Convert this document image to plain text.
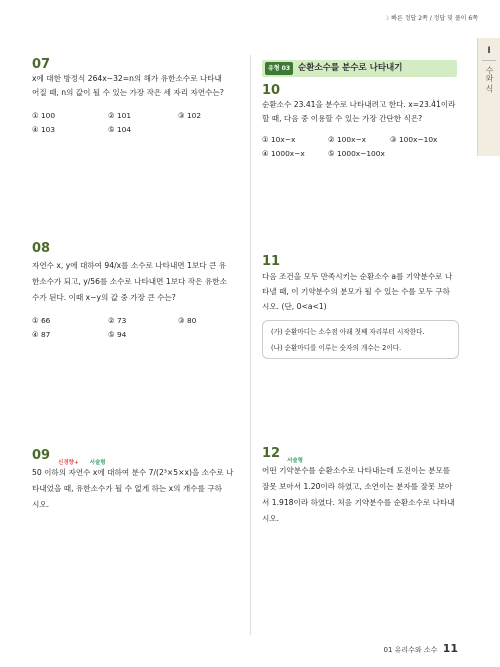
☽ 빠른 정답 2쪽 / 정답 및 풀이 6쪽
I
수와 식
07
x에 대한 방정식 264x−32=n의 해가 유한소수로 나타내
어질 때, n의 값이 될 수 있는 가장 작은 세 자리 자연수는?
① 100	② 101	③ 102
④ 103	⑤ 104
08
자연수 x, y에 대하여 94/x를 소수로 나타내면 1보다 큰 유
한소수가 되고, y/56를 소수로 나타내면 1보다 작은 유한소
수가 된다. 이때 x−y의 값 중 가장 큰 수는?
① 66	② 73	③ 80
④ 87	⑤ 94
09	신경향+ 서술형
50 이하의 자연수 x에 대하여 분수 7/(2³×5×x)을 소수로 나
타내었을 때, 유한소수가 될 수 없게 하는 x의 개수를 구하
시오.
유형 03 순환소수를 분수로 나타내기
10
순환소수 23.4̇1̇을 분수로 나타내려고 한다. x=23.4̇1̇이라
할 때, 다음 중 이용할 수 있는 가장 간단한 식은?
① 10x−x	② 100x−x	③ 100x−10x
④ 1000x−x	⑤ 1000x−100x
11
다음 조건을 모두 만족시키는 순환소수 a를 기약분수로 나
타낼 때, 이 기약분수의 분모가 될 수 있는 수를 모두 구하
시오. (단, 0<a<1)
(가) 순환마디는 소수점 아래 첫째 자리부터 시작한다.
(나) 순환마디를 이루는 숫자의 개수는 2이다.
12	서술형
어떤 기약분수를 순환소수로 나타내는데 도진이는 분모를
잘못 보아서 1.2̇0̇이라 하였고, 소연이는 분자를 잘못 보아
서 1.91̇8̇이라 하였다. 처음 기약분수를 순환소수로 나타내
시오.
01 유리수와 소수 11
